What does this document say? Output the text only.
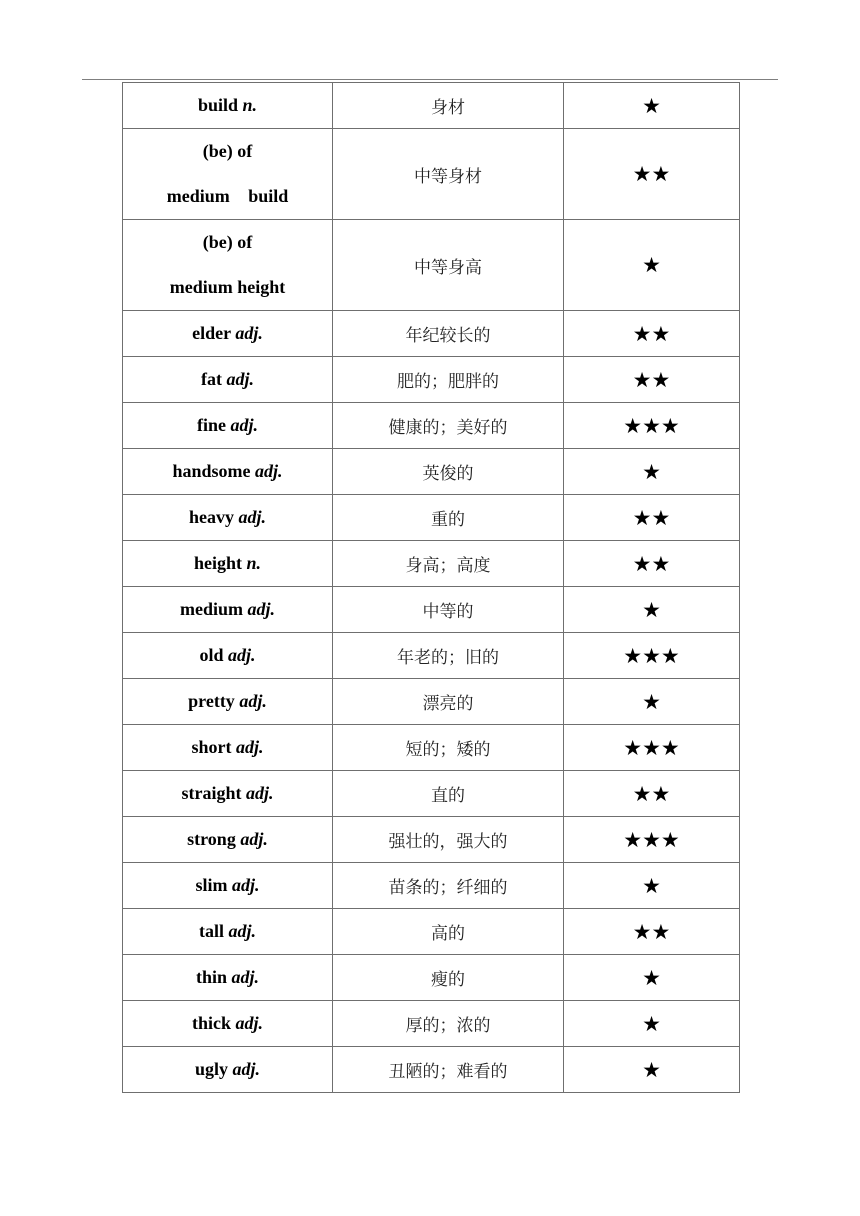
build n.	身材	★

(be) of
medium build	中等身材	★★

(be) of
medium height	中等身高	★
elder adj.	年纪较长的	★★
fat adj.	肥的；肥胖的	★★
fine adj.	健康的；美好的	★★★
handsome adj.	英俊的	★
heavy adj.	重的	★★
height n.	身高；高度	★★
medium adj.	中等的	★
old adj.	年老的；旧的	★★★
pretty adj.	漂亮的	★
short adj.	短的；矮的	★★★
straight adj.	直的	★★
strong adj.	强壮的，强大的	★★★
slim adj.	苗条的；纤细的	★
tall adj.	高的	★★
thin adj.	瘦的	★
thick adj.	厚的；浓的	★
ugly adj.	丑陋的；难看的	★
